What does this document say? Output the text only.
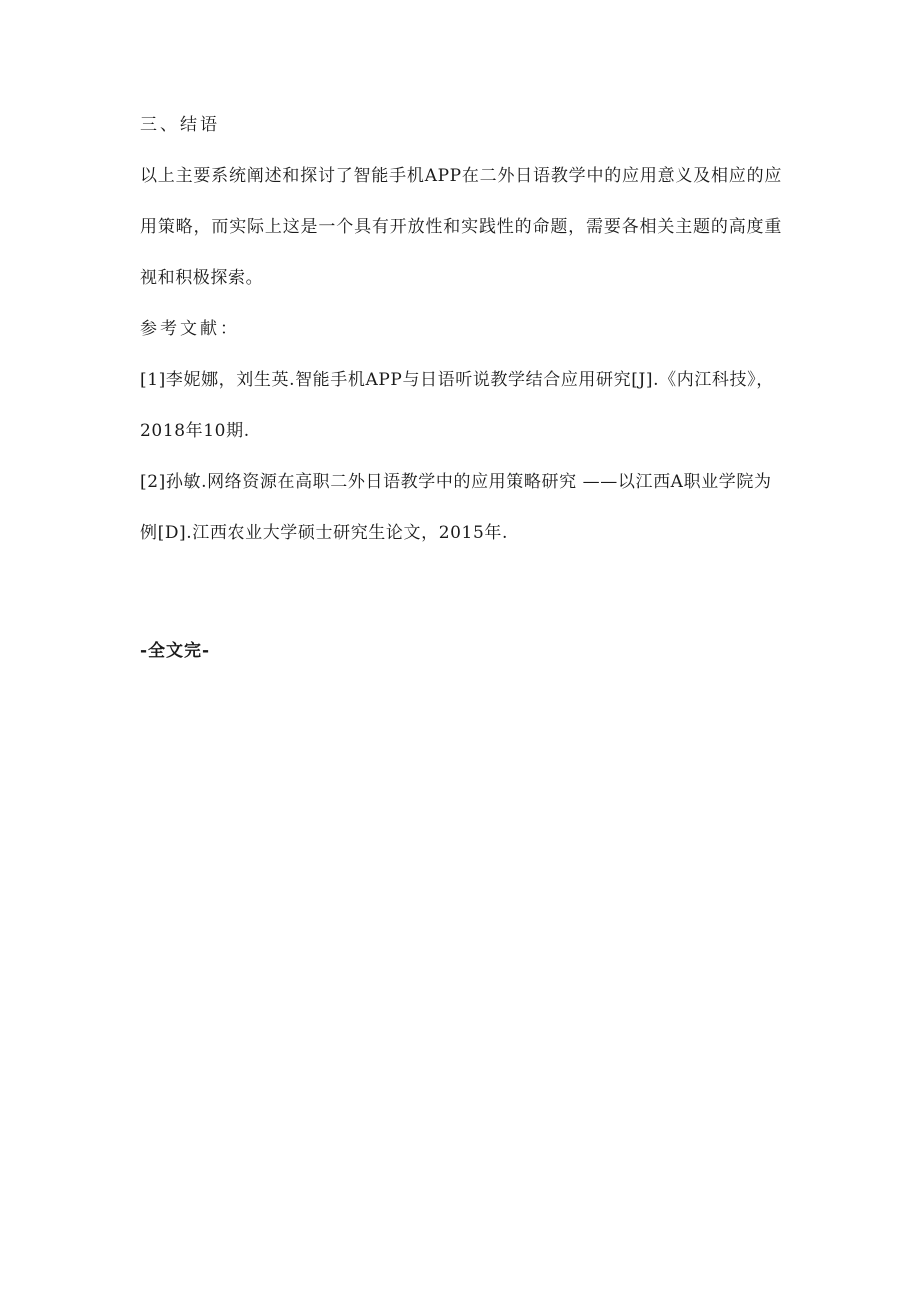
三、结语

以上主要系统阐述和探讨了智能手机APP在二外日语教学中的应用意义及相应的应用策略，而实际上这是一个具有开放性和实践性的命题，需要各相关主题的高度重视和积极探索。

参考文献：

[1]李妮娜，刘生英.智能手机APP与日语听说教学结合应用研究[J].《内江科技》，2018年10期.
[2]孙敏.网络资源在高职二外日语教学中的应用策略研究 ——以江西A职业学院为例[D].江西农业大学硕士研究生论文，2015年.

-全文完-
